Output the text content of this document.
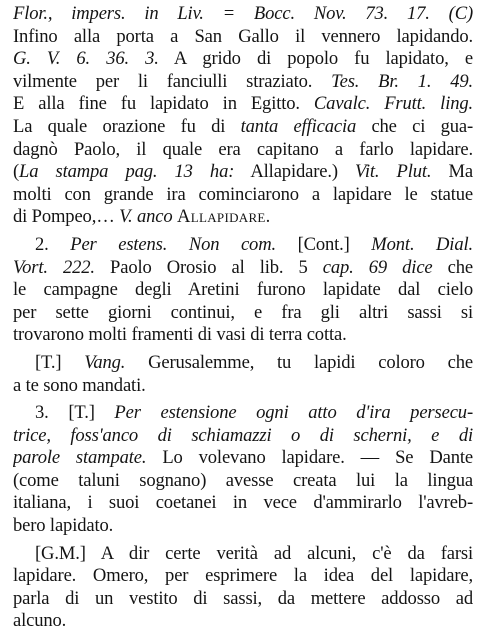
Flor., impers. in Liv. = Bocc. Nov. 73. 17. (C)
Infino alla porta a San Gallo il vennero lapidando.
G. V. 6. 36. 3. A grido di popolo fu lapidato, e
vilmente per li fanciulli straziato. Tes. Br. 1. 49.
E alla fine fu lapidato in Egitto. Cavalc. Frutt. ling.
La quale orazione fu di tanta efficacia che ci gua-
dagnò Paolo, il quale era capitano a farlo lapidare.
(La stampa pag. 13 ha: Allapidare.) Vit. Plut. Ma
molti con grande ira cominciarono a lapidare le statue
di Pompeo,… V. anco Allapidare.
2. Per estens. Non com. [Cont.] Mont. Dial.
Vort. 222. Paolo Orosio al lib. 5 cap. 69 dice che
le campagne degli Aretini furono lapidate dal cielo
per sette giorni continui, e fra gli altri sassi si
trovarono molti framenti di vasi di terra cotta.
[T.] Vang. Gerusalemme, tu lapidi coloro che
a te sono mandati.
3. [T.] Per estensione ogni atto d'ira persecu-
trice, foss'anco di schiamazzi o di scherni, e di
parole stampate. Lo volevano lapidare. — Se Dante
(come taluni sognano) avesse creata lui la lingua
italiana, i suoi coetanei in vece d'ammirarlo l'avreb-
bero lapidato.
[G.M.] A dir certe verità ad alcuni, c'è da farsi
lapidare. Omero, per esprimere la idea del lapidare,
parla di un vestito di sassi, da mettere addosso ad
alcuno.
